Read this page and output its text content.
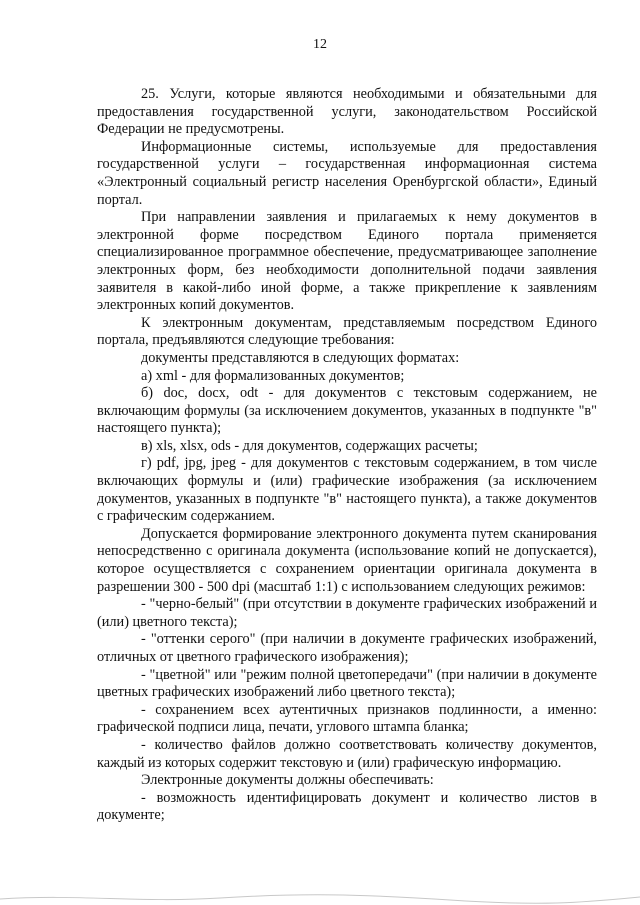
12

25. Услуги, которые являются необходимыми и обязательными для предоставления государственной услуги, законодательством Российской Федерации не предусмотрены.

Информационные системы, используемые для предоставления государственной услуги – государственная информационная система «Электронный социальный регистр населения Оренбургской области», Единый портал.

При направлении заявления и прилагаемых к нему документов в электронной форме посредством Единого портала применяется специализированное программное обеспечение, предусматривающее заполнение электронных форм, без необходимости дополнительной подачи заявления заявителя в какой-либо иной форме, а также прикрепление к заявлениям электронных копий документов.

К электронным документам, представляемым посредством Единого портала, предъявляются следующие требования:

документы представляются в следующих форматах:

а) xml - для формализованных документов;

б) doc, docx, odt - для документов с текстовым содержанием, не включающим формулы (за исключением документов, указанных в подпункте "в" настоящего пункта);

в) xls, xlsx, ods - для документов, содержащих расчеты;

г) pdf, jpg, jpeg - для документов с текстовым содержанием, в том числе включающих формулы и (или) графические изображения (за исключением документов, указанных в подпункте "в" настоящего пункта), а также документов с графическим содержанием.

Допускается формирование электронного документа путем сканирования непосредственно с оригинала документа (использование копий не допускается), которое осуществляется с сохранением ориентации оригинала документа в разрешении 300 - 500 dpi (масштаб 1:1) с использованием следующих режимов:

- "черно-белый" (при отсутствии в документе графических изображений и (или) цветного текста);

- "оттенки серого" (при наличии в документе графических изображений, отличных от цветного графического изображения);

- "цветной" или "режим полной цветопередачи" (при наличии в документе цветных графических изображений либо цветного текста);

- сохранением всех аутентичных признаков подлинности, а именно: графической подписи лица, печати, углового штампа бланка;

- количество файлов должно соответствовать количеству документов, каждый из которых содержит текстовую и (или) графическую информацию.

Электронные документы должны обеспечивать:

- возможность идентифицировать документ и количество листов в документе;
